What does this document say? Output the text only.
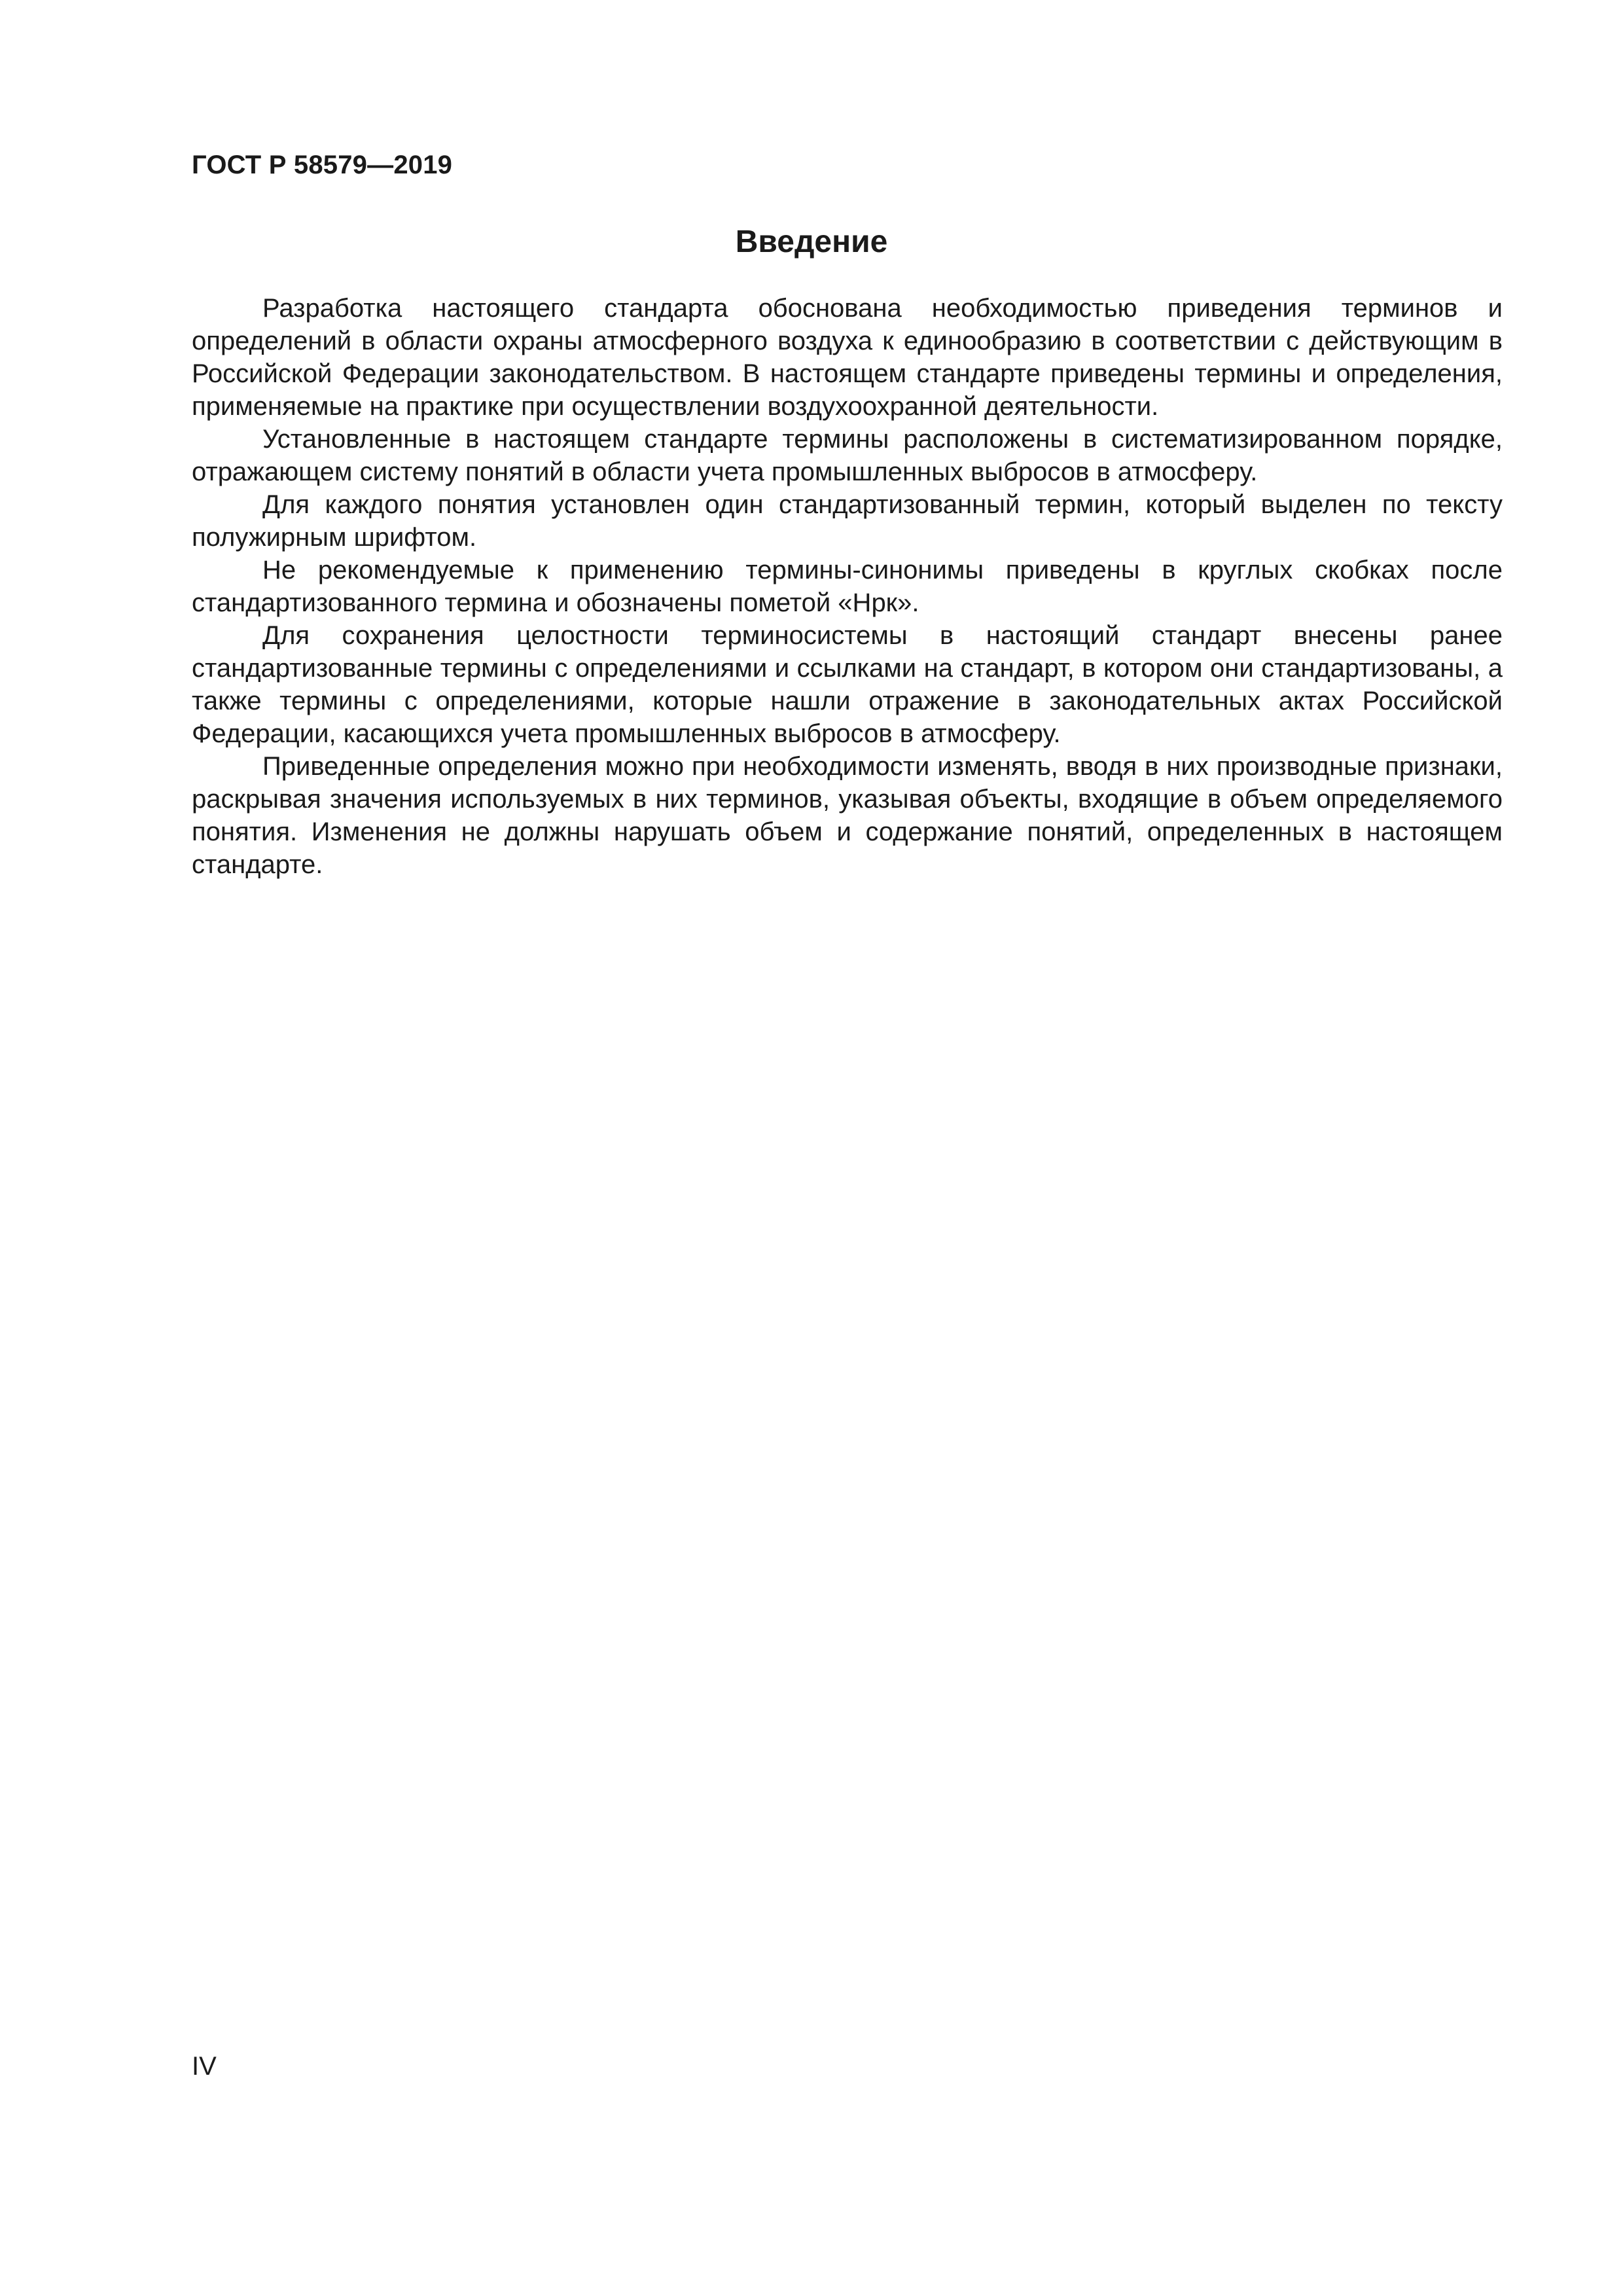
ГОСТ Р 58579—2019
Введение

Разработка настоящего стандарта обоснована необходимостью приведения терминов и определений в области охраны атмосферного воздуха к единообразию в соответствии с действующим в Российской Федерации законодательством. В настоящем стандарте приведены термины и определения, применяемые на практике при осуществлении воздухоохранной деятельности.

Установленные в настоящем стандарте термины расположены в систематизированном порядке, отражающем систему понятий в области учета промышленных выбросов в атмосферу.

Для каждого понятия установлен один стандартизованный термин, который выделен по тексту полужирным шрифтом.

Не рекомендуемые к применению термины-синонимы приведены в круглых скобках после стандартизованного термина и обозначены пометой «Нрк».

Для сохранения целостности терминосистемы в настоящий стандарт внесены ранее стандартизованные термины с определениями и ссылками на стандарт, в котором они стандартизованы, а также термины с определениями, которые нашли отражение в законодательных актах Российской Федерации, касающихся учета промышленных выбросов в атмосферу.

Приведенные определения можно при необходимости изменять, вводя в них производные признаки, раскрывая значения используемых в них терминов, указывая объекты, входящие в объем определяемого понятия. Изменения не должны нарушать объем и содержание понятий, определенных в настоящем стандарте.

IV
